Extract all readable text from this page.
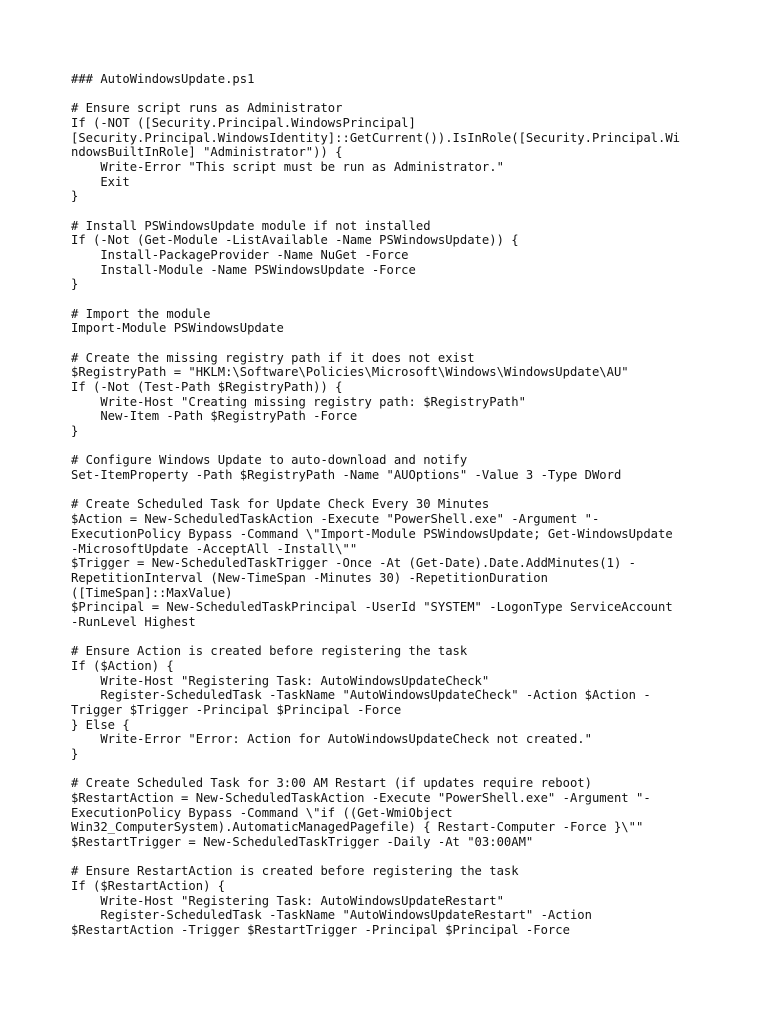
### AutoWindowsUpdate.ps1
# Ensure script runs as Administrator
If (-NOT ([Security.Principal.WindowsPrincipal]
[Security.Principal.WindowsIdentity]::GetCurrent()).IsInRole([Security.Principal.Wi
ndowsBuiltInRole] "Administrator")) {
Write-Error "This script must be run as Administrator."
Exit
}
# Install PSWindowsUpdate module if not installed
If (-Not (Get-Module -ListAvailable -Name PSWindowsUpdate)) {
Install-PackageProvider -Name NuGet -Force
Install-Module -Name PSWindowsUpdate -Force
}
# Import the module
Import-Module PSWindowsUpdate
# Create the missing registry path if it does not exist
$RegistryPath = "HKLM:\Software\Policies\Microsoft\Windows\WindowsUpdate\AU"
If (-Not (Test-Path $RegistryPath)) {
Write-Host "Creating missing registry path: $RegistryPath"
New-Item -Path $RegistryPath -Force
}
# Configure Windows Update to auto-download and notify
Set-ItemProperty -Path $RegistryPath -Name "AUOptions" -Value 3 -Type DWord
# Create Scheduled Task for Update Check Every 30 Minutes
$Action = New-ScheduledTaskAction -Execute "PowerShell.exe" -Argument "-
ExecutionPolicy Bypass -Command \"Import-Module PSWindowsUpdate; Get-WindowsUpdate
-MicrosoftUpdate -AcceptAll -Install\""
$Trigger = New-ScheduledTaskTrigger -Once -At (Get-Date).Date.AddMinutes(1) -
RepetitionInterval (New-TimeSpan -Minutes 30) -RepetitionDuration
([TimeSpan]::MaxValue)
$Principal = New-ScheduledTaskPrincipal -UserId "SYSTEM" -LogonType ServiceAccount
-RunLevel Highest
# Ensure Action is created before registering the task
If ($Action) {
Write-Host "Registering Task: AutoWindowsUpdateCheck"
Register-ScheduledTask -TaskName "AutoWindowsUpdateCheck" -Action $Action -
Trigger $Trigger -Principal $Principal -Force
} Else {
Write-Error "Error: Action for AutoWindowsUpdateCheck not created."
}
# Create Scheduled Task for 3:00 AM Restart (if updates require reboot)
$RestartAction = New-ScheduledTaskAction -Execute "PowerShell.exe" -Argument "-
ExecutionPolicy Bypass -Command \"if ((Get-WmiObject
Win32_ComputerSystem).AutomaticManagedPagefile) { Restart-Computer -Force }\""
$RestartTrigger = New-ScheduledTaskTrigger -Daily -At "03:00AM"
# Ensure RestartAction is created before registering the task
If ($RestartAction) {
Write-Host "Registering Task: AutoWindowsUpdateRestart"
Register-ScheduledTask -TaskName "AutoWindowsUpdateRestart" -Action
$RestartAction -Trigger $RestartTrigger -Principal $Principal -Force
